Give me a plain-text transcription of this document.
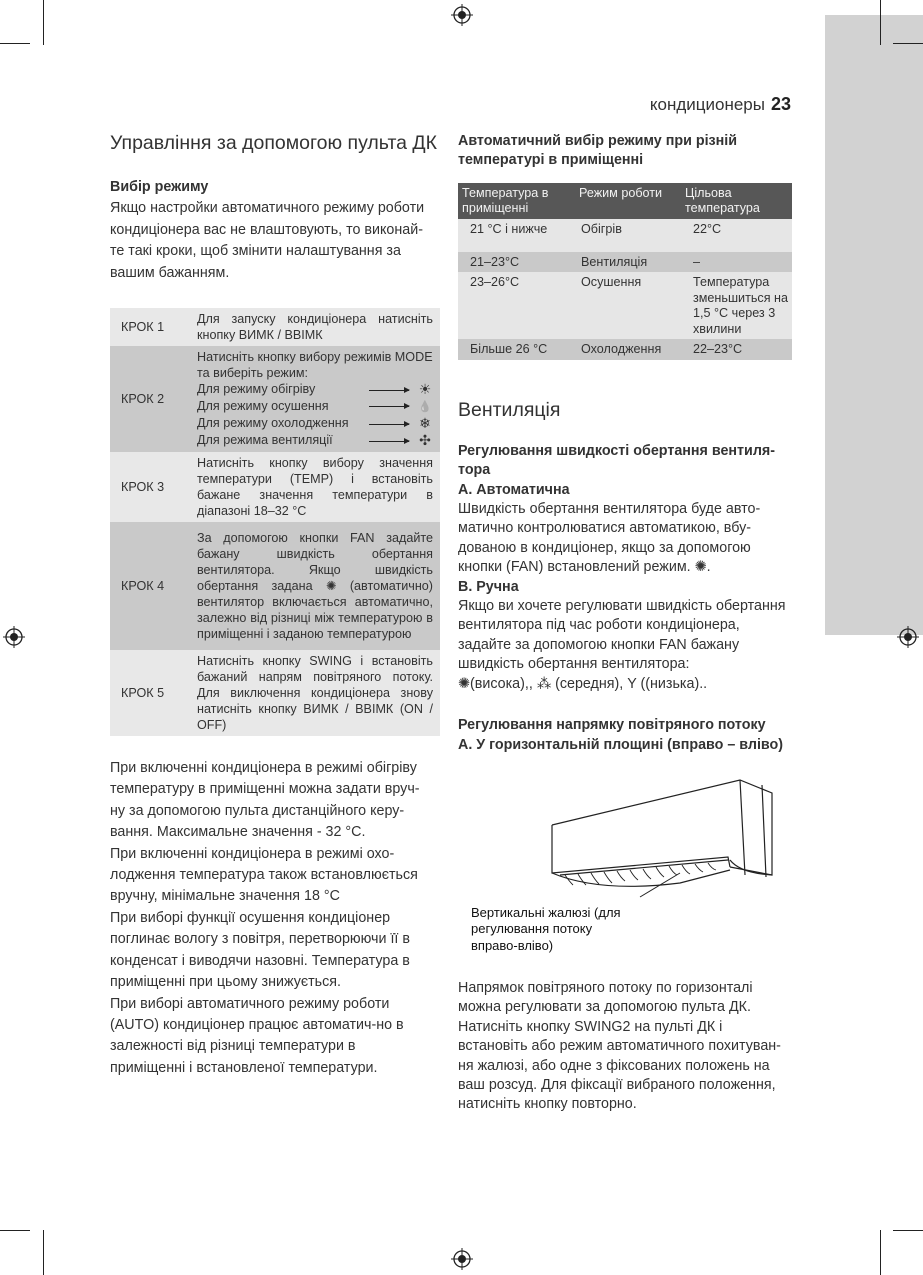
кондиционеры 23
Управління за допомогою пульта ДК
Вибір режиму
Якщо настройки автоматичного режиму роботи кондиціонера вас не влаштовують, то виконай-те такі кроки, щоб змінити налаштування за вашим бажанням.
КРОК 1
Для запуску кондиціонера натисніть кнопку ВИМК / ВВІМК
КРОК 2
Натисніть кнопку вибору режимів MODE та виберіть режим:
Для режиму обігріву	☀
Для режиму осушення	💧
Для режиму охолодження	❄
Для режима вентиляції	✣
КРОК 3
Натисніть кнопку вибору значення температури (TEMP) і встановіть бажане значення температури в діапазоні 18–32 °C
КРОК 4
За допомогою кнопки FAN задайте бажану швидкість обертання вентилятора. Якщо швидкість обертання задана ✺ (автоматично) вентилятор включається автоматично, залежно від різниці між температурою в приміщенні і заданою температурою
КРОК 5
Натисніть кнопку SWING і встановіть бажаний напрям повітряного потоку. Для виключення кондиціонера знову натисніть кнопку ВИМК / ВВІМК (ON / OFF)
При включенні кондиціонера в режимі обігріву температуру в приміщенні можна задати вруч-ну за допомогою пульта дистанційного керу-вання. Максимальне значення - 32 °С.
При включенні кондиціонера в режимі охо-лодження температура також встановлюється вручну, мінімальне значення 18 °С
При виборі функції осушення кондиціонер поглинає вологу з повітря, перетворюючи її в конденсат і виводячи назовні. Температура в приміщенні при цьому знижується.
При виборі автоматичного режиму роботи (AUTO) кондиціонер працює автоматич-но в залежності від різниці температури в приміщенні і встановленої температури.
Автоматичний вибір режиму при різній температурі в приміщенні
Температура в приміщенні	Режим роботи	Цільова температура
21 °C і нижче	Обігрів	22°C
21–23°C	Вентиляція	–
23–26°C	Осушення	Температура зменьшиться на 1,5 °C через 3 хвилини
Більше 26 °C	Охолодження	22–23°C
Вентиляція
Регулювання швидкості обертання вентиля-тора
А. Автоматична
Швидкість обертання вентилятора буде авто-матично контролюватися автоматикою, вбу-дованою в кондиціонер, якщо за допомогою кнопки (FAN) встановлений режим. ✺.
В. Ручна
Якщо ви хочете регулювати швидкість обертання вентилятора під час роботи кондиціонера, задайте за допомогою кнопки FAN бажану швидкість обертання вентилятора:
✺(висока),, ⁂ (середня), Y ((низька)..
Регулювання напрямку повітряного потоку
А. У горизонтальній площині (вправо – вліво)
Вертикальні жалюзі (для регулювання потоку вправо-вліво)
Напрямок повітряного потоку по горизонталі можна регулювати за допомогою пульта ДК. Натисніть кнопку SWING2 на пульті ДК і встановіть або режим автоматичного похитуван-ня жалюзі, або одне з фіксованих положень на ваш розсуд. Для фіксації вибраного положення, натисніть кнопку повторно.
